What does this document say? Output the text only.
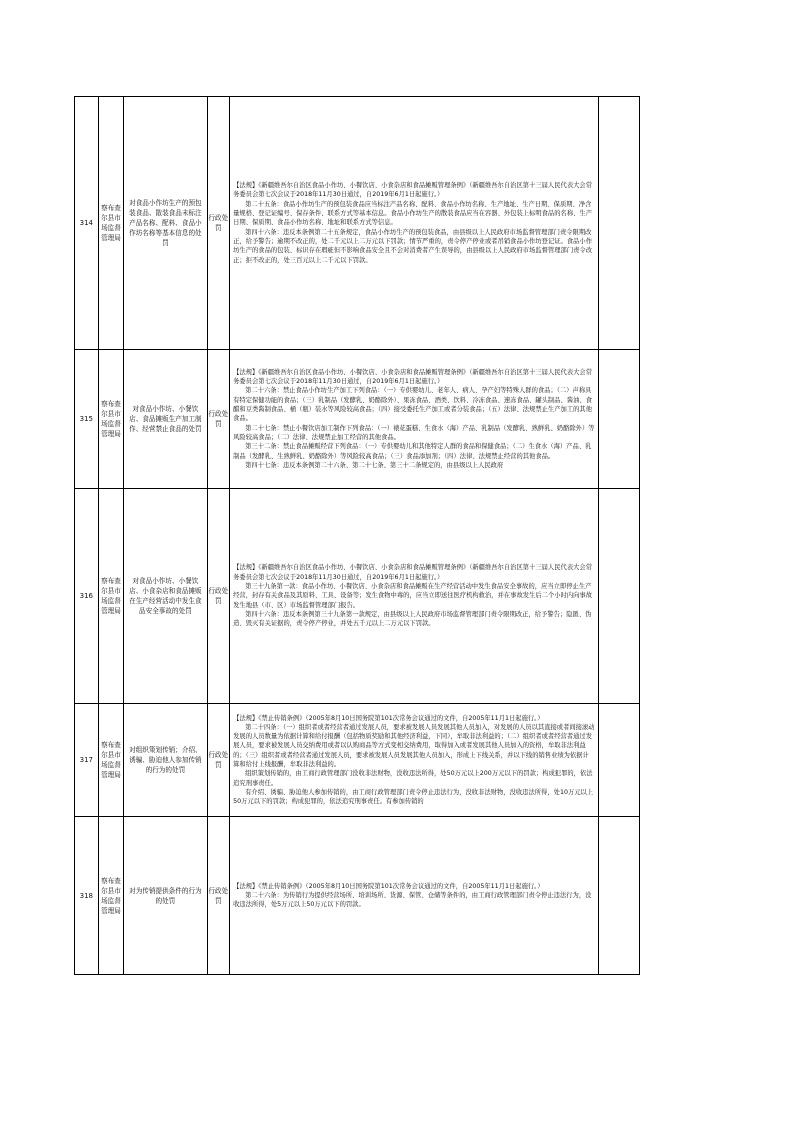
314	察布查尔县市场监督管理局	对食品小作坊生产的预包装食品、散装食品未标注产品名称、配料、食品小作坊名称等基本信息的处罚	行政处罚	【法规】《新疆维吾尔自治区食品小作坊、小餐饮店、小食杂店和食品摊贩管理条例》（新疆维吾尔自治区第十三届人民代表大会常务委员会第七次会议于2018年11月30日通过，自2019年6月1日起施行。）

第二十五条：食品小作坊生产的预包装食品应当标注产品名称、配料、食品小作坊名称、生产地址、生产日期、保质期、净含量规格、登记证编号、保存条件、联系方式等基本信息。食品小作坊生产的散装食品应当在容器、外包装上标明食品的名称、生产日期、保质期、食品小作坊名称、地址和联系方式等信息。

第四十六条：违反本条例第二十五条规定，食品小作坊生产的预包装食品，由县级以上人民政府市场监督管理部门责令限期改正，给予警告；逾期不改正的，处二千元以上二万元以下罚款；情节严重的，责令停产停业或者吊销食品小作坊登记证。食品小作坊生产的食品的包装、标识存在瑕疵但不影响食品安全且不会对消费者产生误导的，由县级以上人民政府市场监督管理部门责令改正；拒不改正的，处三百元以上二千元以下罚款。	

315	察布查尔县市场监督管理局	对食品小作坊、小餐饮店、食品摊贩生产加工制作、经营禁止食品的处罚	行政处罚	【法规】《新疆维吾尔自治区食品小作坊、小餐饮店、小食杂店和食品摊贩管理条例》（新疆维吾尔自治区第十三届人民代表大会常务委员会第七次会议于2018年11月30日通过，自2019年6月1日起施行。）

第二十六条：禁止食品小作坊生产加工下列食品：（一）专供婴幼儿、老年人、病人、孕产妇等特殊人群的食品；（二）声称具有特定保健功能的食品；（三）乳制品（发酵乳、奶酪除外）、果冻食品、酒类、饮料、冷冻食品、速冻食品、罐头制品、酱油、食醋和豆类酱制食品、桶（瓶）装水等风险较高食品；（四）接受委托生产加工或者分装食品；（五）法律、法规禁止生产加工的其他食品。

第二十七条：禁止小餐饮店加工制作下列食品：（一）裱花蛋糕、生食水（海）产品、乳制品（发酵乳、熟鲜乳、奶酪除外）等风险较高食品；（二）法律、法规禁止加工经营的其他食品。

第三十二条：禁止食品摊贩经营下列食品：（一）专供婴幼儿和其他特定人群的食品和保健食品；（二）生食水（海）产品、乳制品（发酵乳、生熟鲜乳、奶酪除外）等风险较高食品；（三）食品添加剂；（四）法律、法规禁止经营的其他食品。

第四十七条：违反本条例第二十六条、第二十七条、第三十二条规定的，由县级以上人民政府	

316	察布查尔县市场监督管理局	对食品小作坊、小餐饮店、小食杂店和食品摊贩在生产经营活动中发生食品安全事故的处罚	行政处罚	【法规】《新疆维吾尔自治区食品小作坊、小餐饮店、小食杂店和食品摊贩管理条例》（新疆维吾尔自治区第十三届人民代表大会常务委员会第七次会议于2018年11月30日通过，自2019年6月1日起施行。）

第三十九条第一款：食品小作坊、小餐饮店、小食杂店和食品摊贩在生产经营活动中发生食品安全事故的，应当立即停止生产经营，封存有关食品及其原料、工具、设备等；发生食物中毒的，应当立即送往医疗机构救治，并在事故发生后二个小时内向事故发生地县（市、区）市场监督管理部门报告。

第四十六条：违反本条例第三十九条第一款规定，由县级以上人民政府市场监督管理部门责令限期改正，给予警告；隐匿、伪造、毁灭有关证据的，责令停产停业，并处五千元以上二万元以下罚款。	

317	察布查尔县市场监督管理局	对组织策划传销；介绍、诱骗、胁迫他人参加传销的行为的处罚	行政处罚	【法规】《禁止传销条例》（2005年8月10日国务院第101次常务会议通过的文件，自2005年11月1日起施行。）

第二十四条：（一）组织者或者经营者通过发展人员，要求被发展人员发展其他人员加入，对发展的人员以其直接或者间接滚动发展的人员数量为依据计算和给付报酬（包括物质奖励和其他经济利益，下同），牟取非法利益的；（二）组织者或者经营者通过发展人员，要求被发展人员交纳费用或者以认购商品等方式变相交纳费用，取得加入或者发展其他人员加入的资格，牟取非法利益的；（三）组织者或者经营者通过发展人员，要求被发展人员发展其他人员加入，形成上下线关系，并以下线的销售业绩为依据计算和给付上线报酬，牟取非法利益的。

组织策划传销的，由工商行政管理部门没收非法财物，没收违法所得，处50万元以上200万元以下的罚款；构成犯罪的，依法追究刑事责任。

有介绍、诱骗、胁迫他人参加传销的，由工商行政管理部门责令停止违法行为，没收非法财物，没收违法所得，处10万元以上50万元以下的罚款；构成犯罪的，依法追究刑事责任。有参加传销的	

318	察布查尔县市场监督管理局	对为传销提供条件的行为的处罚	行政处罚	【法规】《禁止传销条例》（2005年8月10日国务院第101次常务会议通过的文件，自2005年11月1日起施行。）

第二十六条：为传销行为提供经营场所、培训场所、货源、保管、仓储等条件的，由工商行政管理部门责令停止违法行为，没收违法所得，处5万元以上50万元以下的罚款。	
